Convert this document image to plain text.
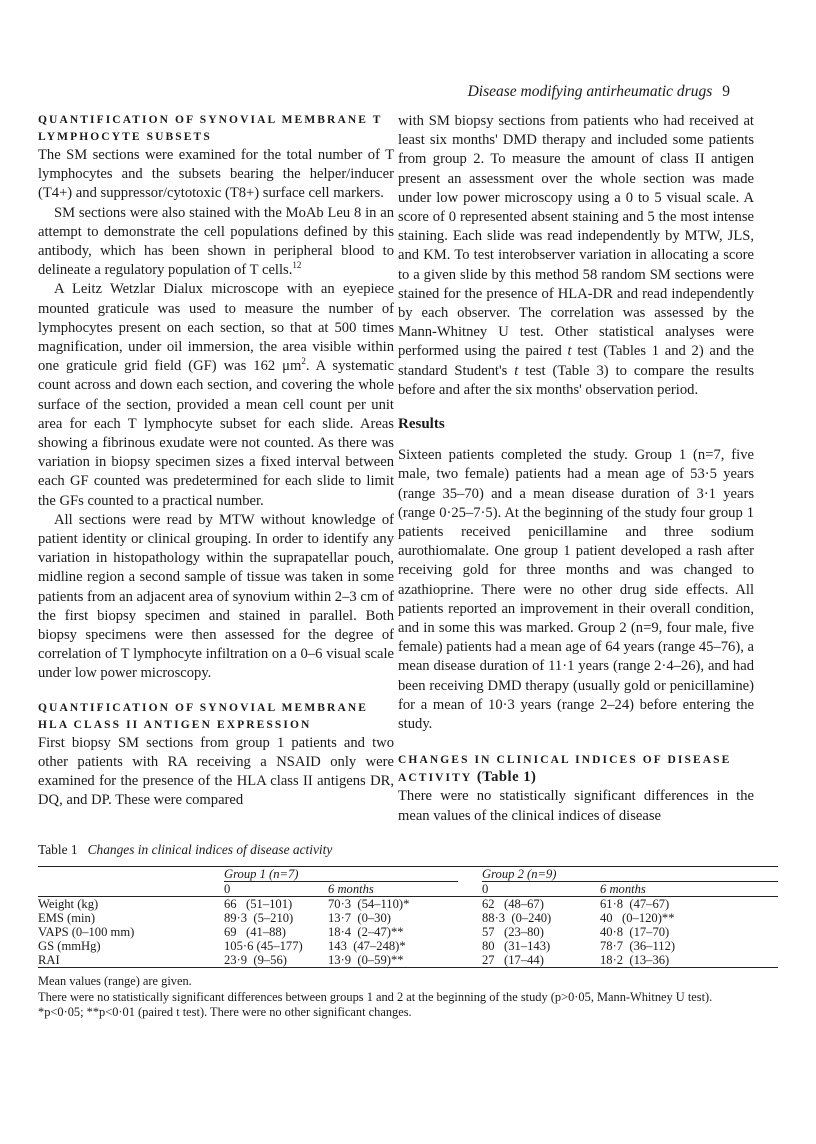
Disease modifying antirheumatic drugs 9
QUANTIFICATION OF SYNOVIAL MEMBRANE T LYMPHOCYTE SUBSETS

The SM sections were examined for the total number of T lymphocytes and the subsets bearing the helper/inducer (T4+) and suppressor/cytotoxic (T8+) surface cell markers.

SM sections were also stained with the MoAb Leu 8 in an attempt to demonstrate the cell populations defined by this antibody, which has been shown in peripheral blood to delineate a regulatory population of T cells.$^{12}$

A Leitz Wetzlar Dialux microscope with an eyepiece mounted graticule was used to measure the number of lymphocytes present on each section, so that at 500 times magnification, under oil immersion, the area visible within one graticule grid field (GF) was 162 $\mu m^2$. A systematic count across and down each section, and covering the whole surface of the section, provided a mean cell count per unit area for each T lymphocyte subset for each slide. Areas showing a fibrinous exudate were not counted. As there was variation in biopsy specimen sizes a fixed interval between each GF counted was predetermined for each slide to limit the GFs counted to a practical number.

All sections were read by MTW without knowledge of patient identity or clinical grouping. In order to identify any variation in histopathology within the suprapatellar pouch, midline region a second sample of tissue was taken in some patients from an adjacent area of synovium within 2–3 cm of the first biopsy specimen and stained in parallel. Both biopsy specimens were then assessed for the degree of correlation of T lymphocyte infiltration on a 0–6 visual scale under low power microscopy.

QUANTIFICATION OF SYNOVIAL MEMBRANE HLA CLASS II ANTIGEN EXPRESSION

First biopsy SM sections from group 1 patients and two other patients with RA receiving a NSAID only were examined for the presence of the HLA class II antigens DR, DQ, and DP. These were compared

with SM biopsy sections from patients who had received at least six months' DMD therapy and included some patients from group 2. To measure the amount of class II antigen present an assessment over the whole section was made under low power microscopy using a 0 to 5 visual scale. A score of 0 represented absent staining and 5 the most intense staining. Each slide was read independently by MTW, JLS, and KM. To test interobserver variation in allocating a score to a given slide by this method 58 random SM sections were stained for the presence of HLA-DR and read independently by each observer. The correlation was assessed by the Mann-Whitney U test. Other statistical analyses were performed using the paired t test (Tables 1 and 2) and the standard Student's t test (Table 3) to compare the results before and after the six months' observation period.

Results

Sixteen patients completed the study. Group 1 (n=7, five male, two female) patients had a mean age of 53·5 years (range 35–70) and a mean disease duration of 3·1 years (range 0·25–7·5). At the beginning of the study four group 1 patients received penicillamine and three sodium aurothiomalate. One group 1 patient developed a rash after receiving gold for three months and was changed to azathioprine. There were no other drug side effects. All patients reported an improvement in their overall condition, and in some this was marked. Group 2 (n=9, four male, five female) patients had a mean age of 64 years (range 45–76), a mean disease duration of 11·1 years (range 2·4–26), and had been receiving DMD therapy (usually gold or penicillamine) for a mean of 10·3 years (range 2–24) before entering the study.

CHANGES IN CLINICAL INDICES OF DISEASE ACTIVITY (Table 1)

There were no statistically significant differences in the mean values of the clinical indices of disease

Table 1 Changes in clinical indices of disease activity
	Group 1 (n=7)		Group 2 (n=9)	

	0	6 months	0	6 months

Weight (kg)	66   (51–101)	70·3  (54–110)*	62   (48–67)	61·8  (47–67)
EMS (min)	89·3  (5–210)	13·7  (0–30)	88·3  (0–240)	40   (0–120)**
VAPS (0–100 mm)	69   (41–88)	18·4  (2–47)**	57   (23–80)	40·8  (17–70)
GS (mmHg)	105·6 (45–177)	143  (47–248)*	80   (31–143)	78·7  (36–112)
RAI	23·9  (9–56)	13·9  (0–59)**	27   (17–44)	18·2  (13–36)

Mean values (range) are given.

There were no statistically significant differences between groups 1 and 2 at the beginning of the study (p>0·05, Mann-Whitney U test).

*p<0·05; **p<0·01 (paired t test). There were no other significant changes.
